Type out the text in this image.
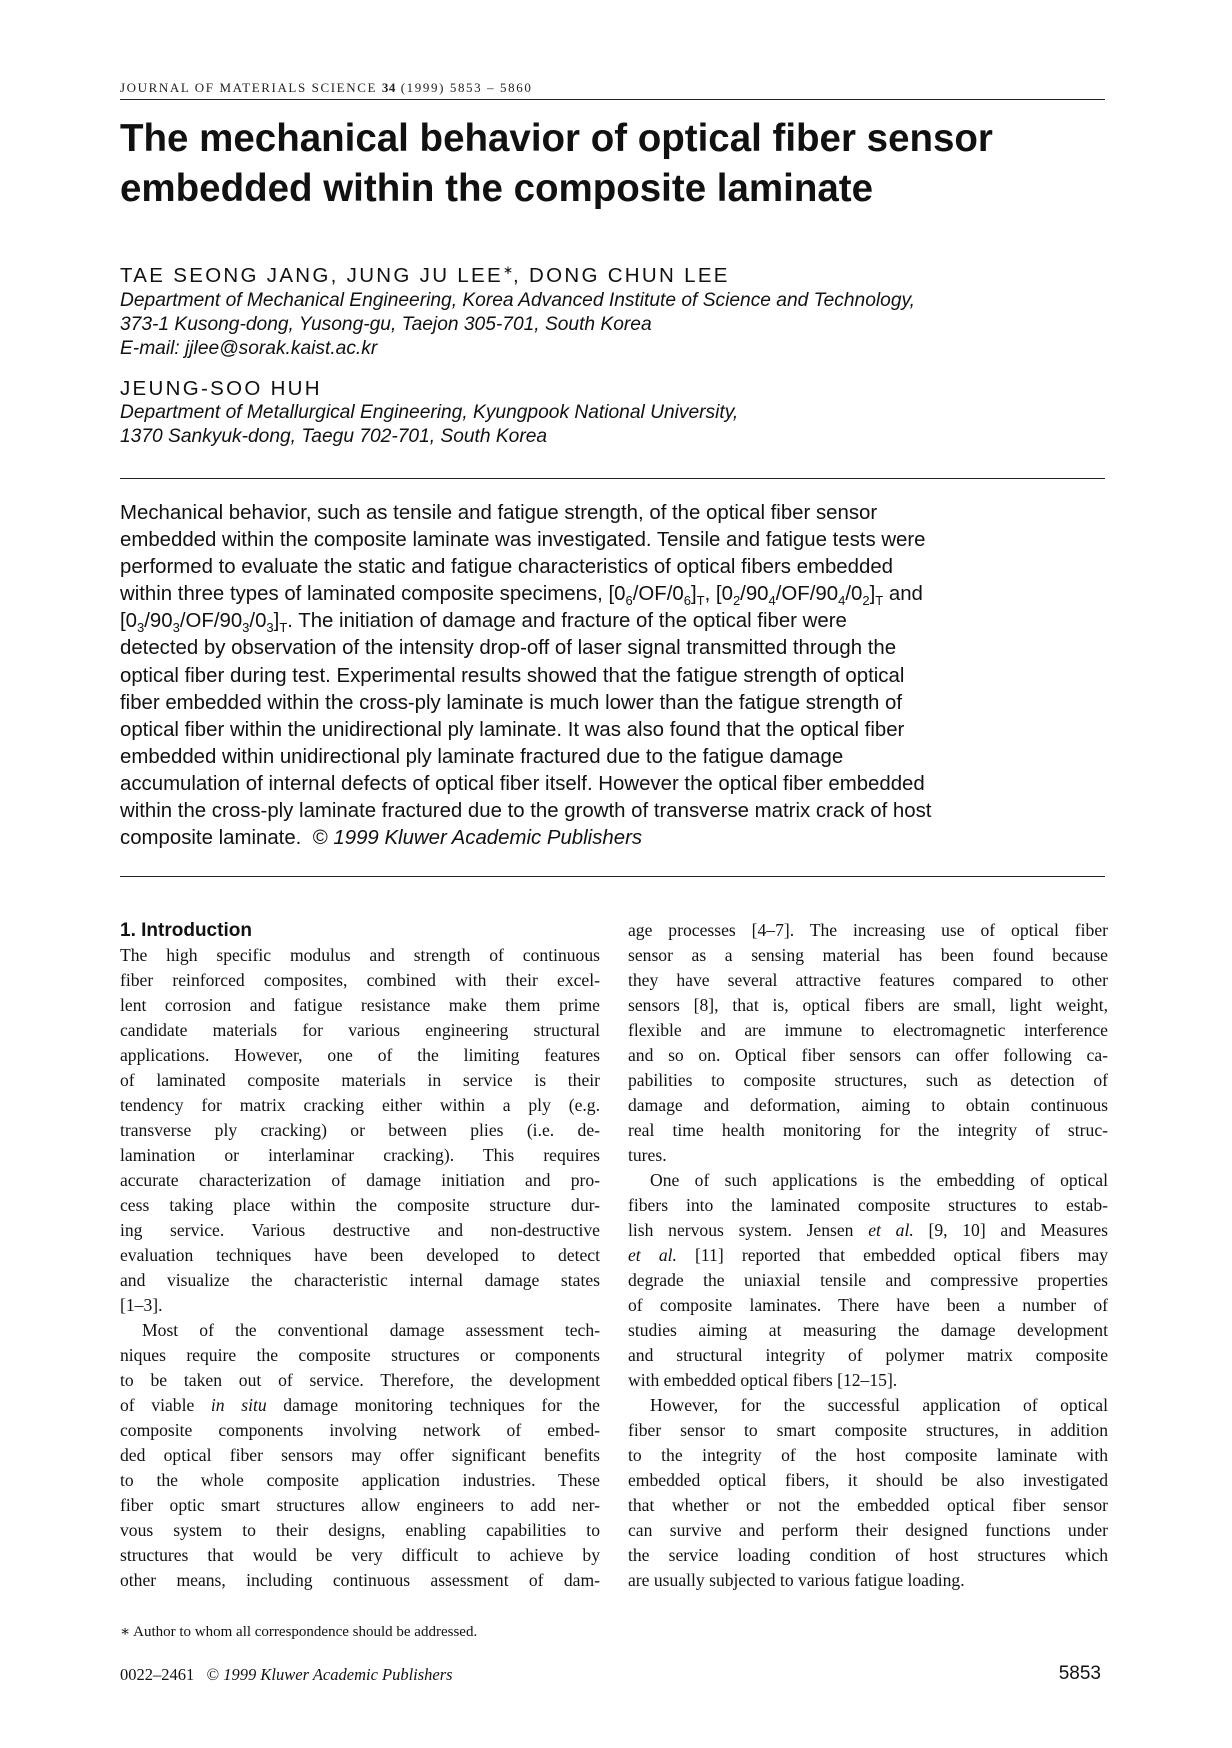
JOURNAL OF MATERIALS SCIENCE 34 (1999) 5853 – 5860
The mechanical behavior of optical fiber sensor
embedded within the composite laminate
TAE SEONG JANG, JUNG JU LEE∗, DONG CHUN LEE
Department of Mechanical Engineering, Korea Advanced Institute of Science and Technology,
373-1 Kusong-dong, Yusong-gu, Taejon 305-701, South Korea
E-mail: jjlee@sorak.kaist.ac.kr
JEUNG-SOO HUH
Department of Metallurgical Engineering, Kyungpook National University,
1370 Sankyuk-dong, Taegu 702-701, South Korea
Mechanical behavior, such as tensile and fatigue strength, of the optical fiber sensor
embedded within the composite laminate was investigated. Tensile and fatigue tests were
performed to evaluate the static and fatigue characteristics of optical fibers embedded
within three types of laminated composite specimens, $[0_6/OF/0_6]_T$, $[0_2/90_4/OF/90_4/0_2]_T$ and
$[0_3/90_3/OF/90_3/0_3]_T$. The initiation of damage and fracture of the optical fiber were
detected by observation of the intensity drop-off of laser signal transmitted through the
optical fiber during test. Experimental results showed that the fatigue strength of optical
fiber embedded within the cross-ply laminate is much lower than the fatigue strength of
optical fiber within the unidirectional ply laminate. It was also found that the optical fiber
embedded within unidirectional ply laminate fractured due to the fatigue damage
accumulation of internal defects of optical fiber itself. However the optical fiber embedded
within the cross-ply laminate fractured due to the growth of transverse matrix crack of host
composite laminate. © 1999 Kluwer Academic Publishers
1. Introduction
The high specific modulus and strength of continuous
fiber reinforced composites, combined with their excel-
lent corrosion and fatigue resistance make them prime
candidate materials for various engineering structural
applications. However, one of the limiting features
of laminated composite materials in service is their
tendency for matrix cracking either within a ply (e.g.
transverse ply cracking) or between plies (i.e. de-
lamination or interlaminar cracking). This requires
accurate characterization of damage initiation and pro-
cess taking place within the composite structure dur-
ing service. Various destructive and non-destructive
evaluation techniques have been developed to detect
and visualize the characteristic internal damage states
[1–3].
Most of the conventional damage assessment tech-
niques require the composite structures or components
to be taken out of service. Therefore, the development
of viable in situ damage monitoring techniques for the
composite components involving network of embed-
ded optical fiber sensors may offer significant benefits
to the whole composite application industries. These
fiber optic smart structures allow engineers to add ner-
vous system to their designs, enabling capabilities to
structures that would be very difficult to achieve by
other means, including continuous assessment of dam-
age processes [4–7]. The increasing use of optical fiber
sensor as a sensing material has been found because
they have several attractive features compared to other
sensors [8], that is, optical fibers are small, light weight,
flexible and are immune to electromagnetic interference
and so on. Optical fiber sensors can offer following ca-
pabilities to composite structures, such as detection of
damage and deformation, aiming to obtain continuous
real time health monitoring for the integrity of struc-
tures.
One of such applications is the embedding of optical
fibers into the laminated composite structures to estab-
lish nervous system. Jensen et al. [9, 10] and Measures
et al. [11] reported that embedded optical fibers may
degrade the uniaxial tensile and compressive properties
of composite laminates. There have been a number of
studies aiming at measuring the damage development
and structural integrity of polymer matrix composite
with embedded optical fibers [12–15].
However, for the successful application of optical
fiber sensor to smart composite structures, in addition
to the integrity of the host composite laminate with
embedded optical fibers, it should be also investigated
that whether or not the embedded optical fiber sensor
can survive and perform their designed functions under
the service loading condition of host structures which
are usually subjected to various fatigue loading.
∗ Author to whom all correspondence should be addressed.
0022–2461 © 1999 Kluwer Academic Publishers	5853
